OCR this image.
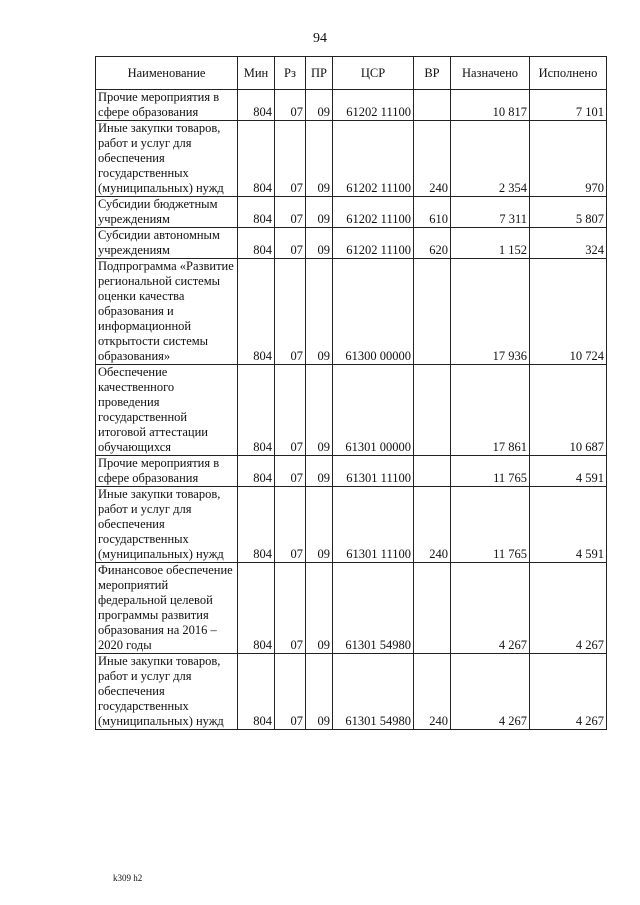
94
Наименование	Мин	Рз	ПР	ЦСР	ВР	Назначено	Исполнено
Прочие мероприятия в сфере образования	804	07	09	61202 11100		10 817	7 101
Иные закупки товаров, работ и услуг для обеспечения государственных (муниципальных) нужд	804	07	09	61202 11100	240	2 354	970
Субсидии бюджетным учреждениям	804	07	09	61202 11100	610	7 311	5 807
Субсидии автономным учреждениям	804	07	09	61202 11100	620	1 152	324
Подпрограмма «Развитие региональной системы оценки качества образования и информационной открытости системы образования»	804	07	09	61300 00000		17 936	10 724
Обеспечение качественного проведения государственной итоговой аттестации обучающихся	804	07	09	61301 00000		17 861	10 687
Прочие мероприятия в сфере образования	804	07	09	61301 11100		11 765	4 591
Иные закупки товаров, работ и услуг для обеспечения государственных (муниципальных) нужд	804	07	09	61301 11100	240	11 765	4 591
Финансовое обеспечение мероприятий федеральной целевой программы развития образования на 2016 – 2020 годы	804	07	09	61301 54980		4 267	4 267
Иные закупки товаров, работ и услуг для обеспечения государственных (муниципальных) нужд	804	07	09	61301 54980	240	4 267	4 267
k309 h2
